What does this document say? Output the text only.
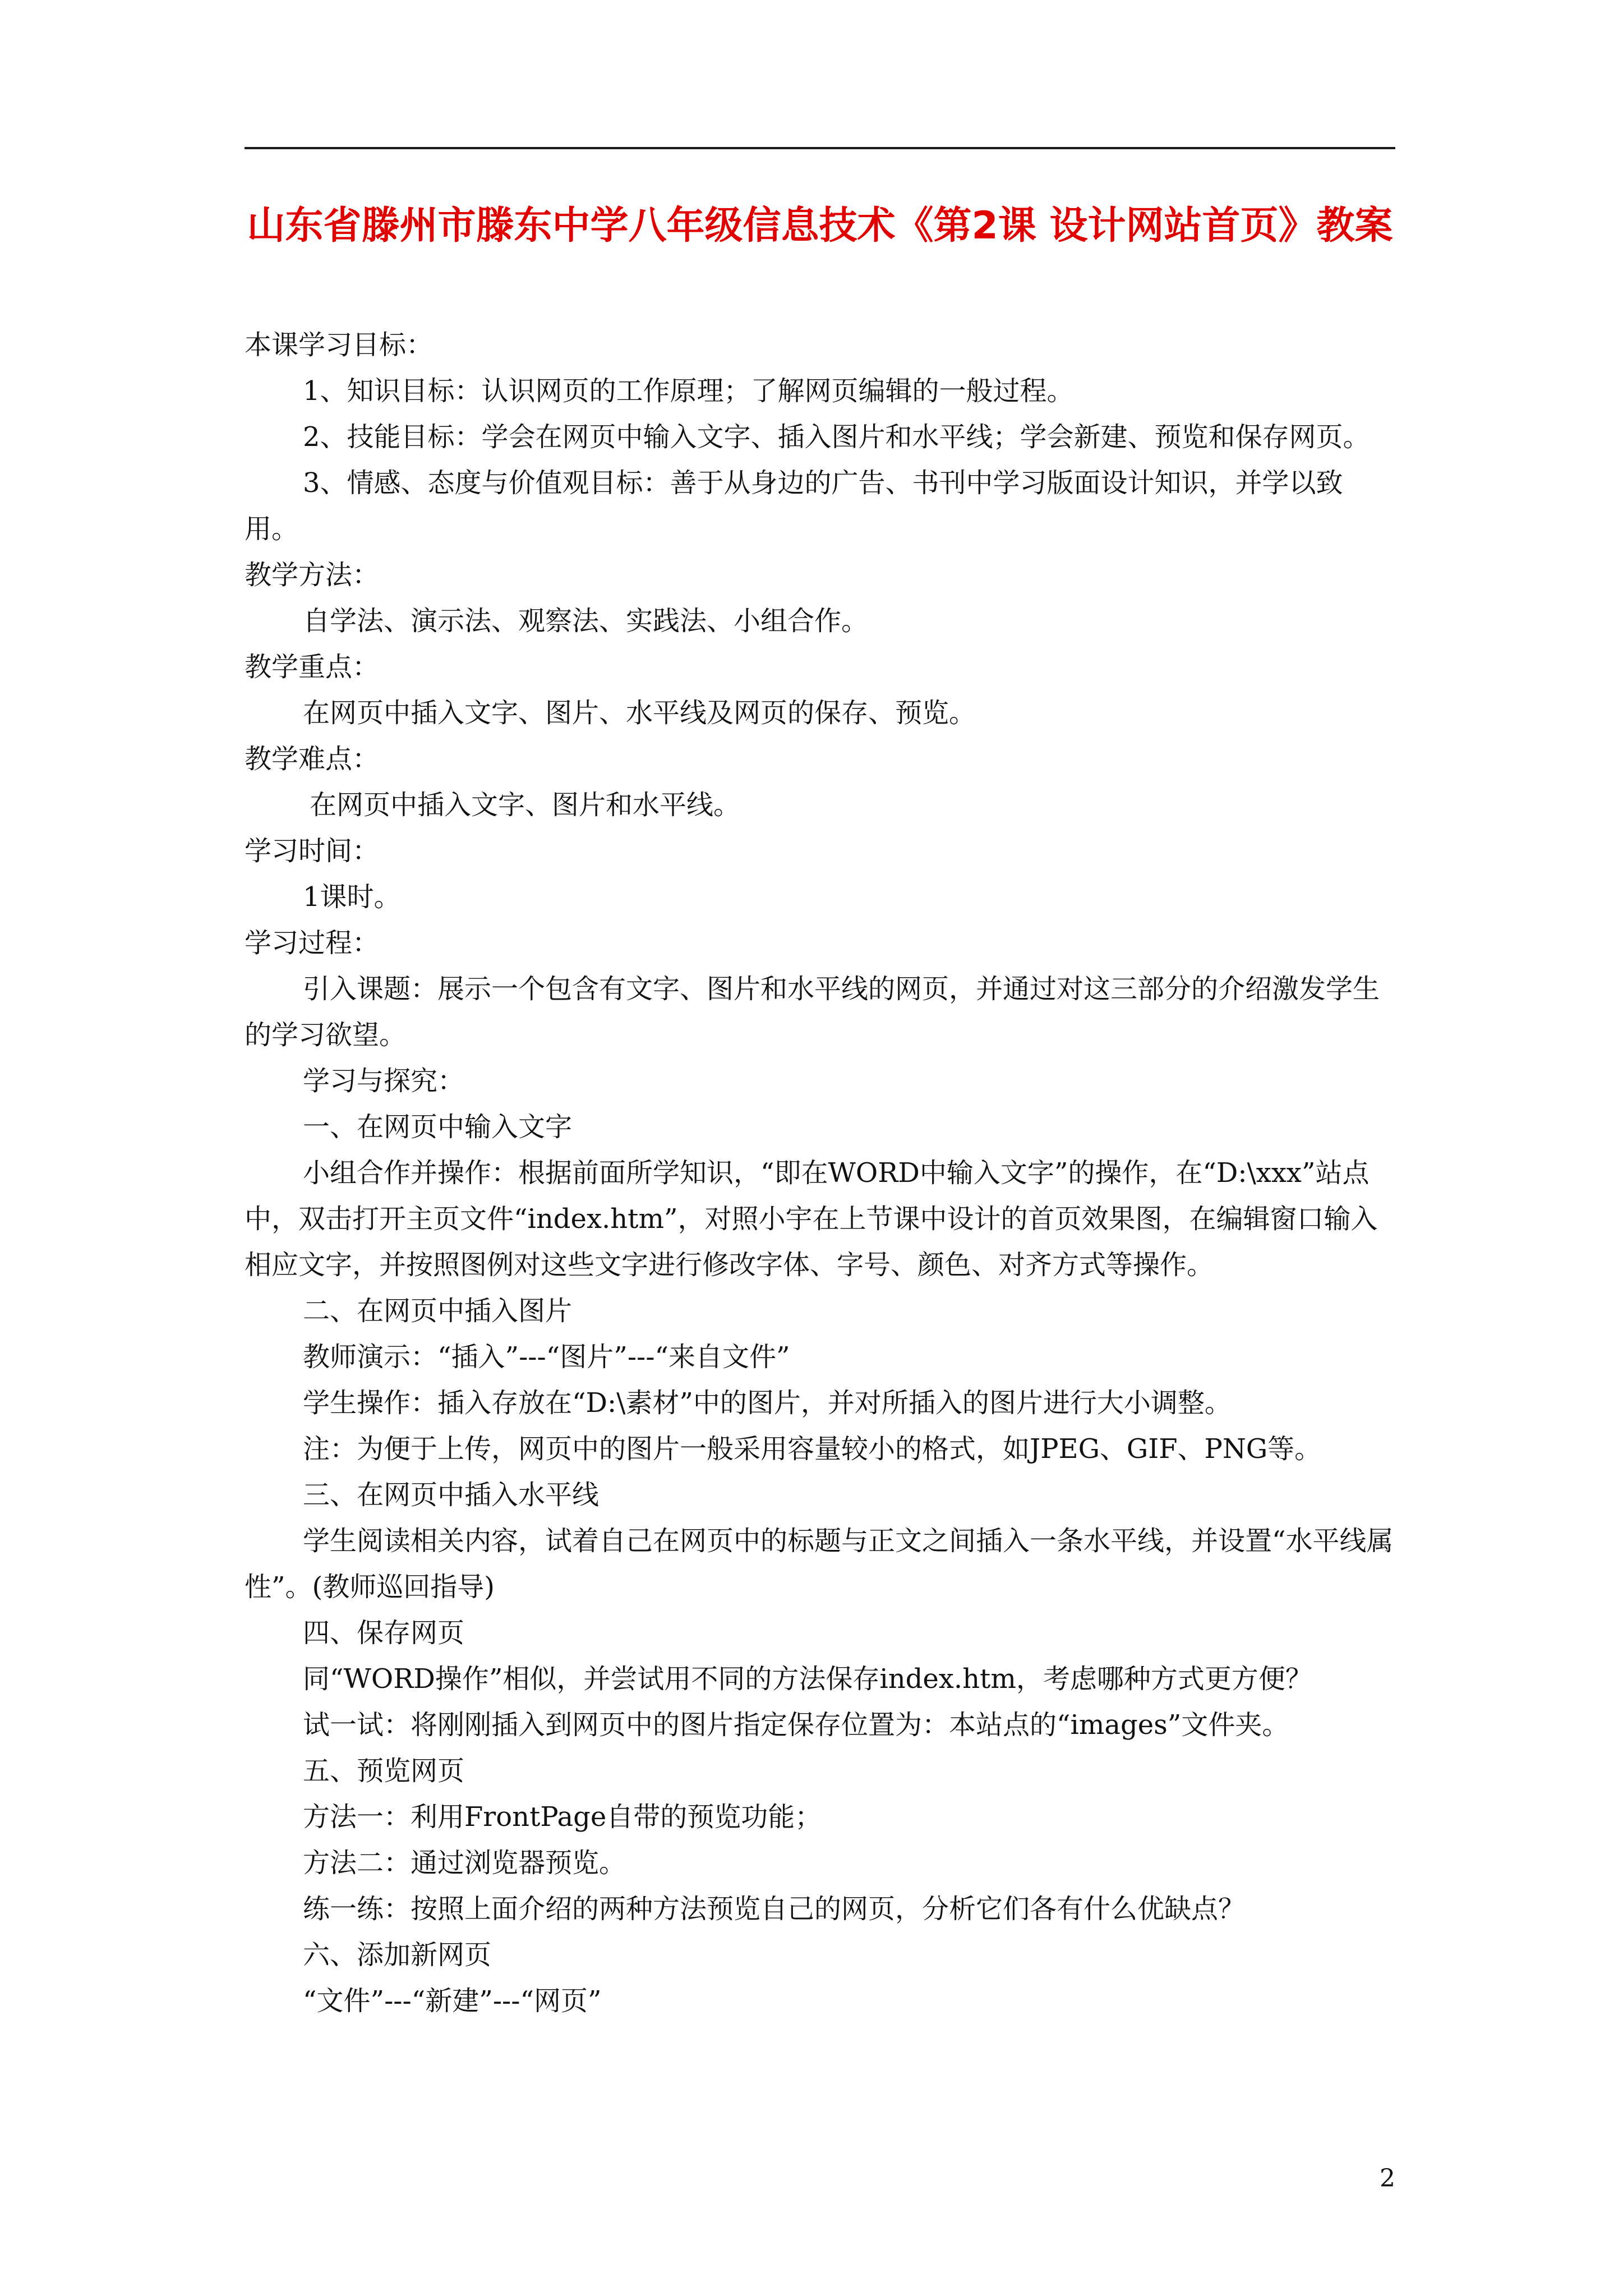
山东省滕州市滕东中学八年级信息技术《第2课 设计网站首页》教案

本课学习目标：

1、知识目标：认识网页的工作原理；了解网页编辑的一般过程。

2、技能目标：学会在网页中输入文字、插入图片和水平线；学会新建、预览和保存网页。

3、情感、态度与价值观目标：善于从身边的广告、书刊中学习版面设计知识，并学以致用。

教学方法：

自学法、演示法、观察法、实践法、小组合作。

教学重点：

在网页中插入文字、图片、水平线及网页的保存、预览。

教学难点：

在网页中插入文字、图片和水平线。

学习时间：

1课时。

学习过程：

引入课题：展示一个包含有文字、图片和水平线的网页，并通过对这三部分的介绍激发学生的学习欲望。

学习与探究：

一、在网页中输入文字

小组合作并操作：根据前面所学知识，“即在WORD中输入文字”的操作，在“D:\xxx”站点中，双击打开主页文件“index.htm”，对照小宇在上节课中设计的首页效果图，在编辑窗口输入相应文字，并按照图例对这些文字进行修改字体、字号、颜色、对齐方式等操作。

二、在网页中插入图片

教师演示：“插入”---“图片”---“来自文件”

学生操作：插入存放在“D:\素材”中的图片，并对所插入的图片进行大小调整。

注：为便于上传，网页中的图片一般采用容量较小的格式，如JPEG、GIF、PNG等。

三、在网页中插入水平线

学生阅读相关内容，试着自己在网页中的标题与正文之间插入一条水平线，并设置“水平线属性”。(教师巡回指导)

四、保存网页

同“WORD操作”相似，并尝试用不同的方法保存index.htm，考虑哪种方式更方便？

试一试：将刚刚插入到网页中的图片指定保存位置为：本站点的“images”文件夹。

五、预览网页

方法一：利用FrontPage自带的预览功能；

方法二：通过浏览器预览。

练一练：按照上面介绍的两种方法预览自己的网页，分析它们各有什么优缺点？

六、添加新网页

“文件”---“新建”---“网页”

2
